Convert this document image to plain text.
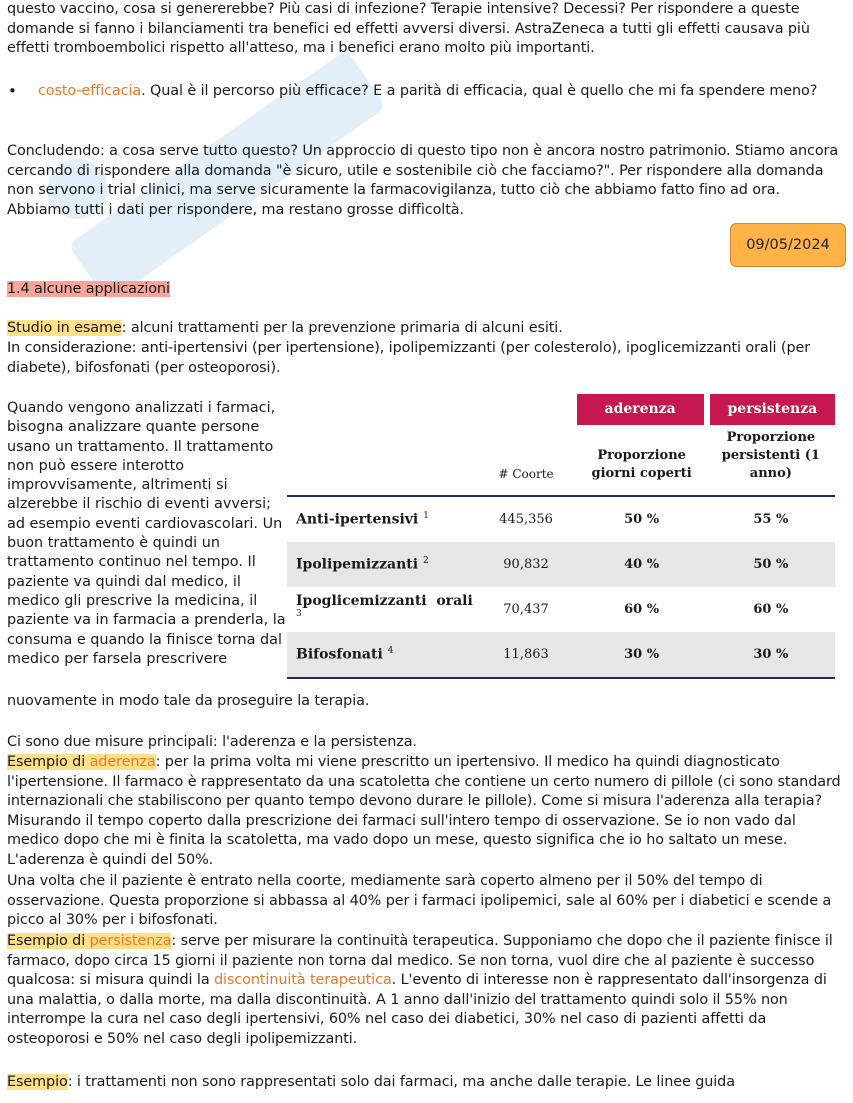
questo vaccino, cosa si genererebbe? Più casi di infezione? Terapie intensive? Decessi? Per rispondere a queste domande si fanno i bilanciamenti tra benefici ed effetti avversi diversi. AstraZeneca a tutti gli effetti causava più effetti tromboembolici rispetto all'atteso, ma i benefici erano molto più importanti.

• costo-efficacia. Qual è il percorso più efficace? E a parità di efficacia, qual è quello che mi fa spendere meno?

Concludendo: a cosa serve tutto questo? Un approccio di questo tipo non è ancora nostro patrimonio. Stiamo ancora cercando di rispondere alla domanda "è sicuro, utile e sostenibile ciò che facciamo?". Per rispondere alla domanda non servono i trial clinici, ma serve sicuramente la farmacovigilanza, tutto ciò che abbiamo fatto fino ad ora. Abbiamo tutti i dati per rispondere, ma restano grosse difficoltà.

09/05/2024

1.4 alcune applicazioni

Studio in esame: alcuni trattamenti per la prevenzione primaria di alcuni esiti.

In considerazione: anti-ipertensivi (per ipertensione), ipolipemizzanti (per colesterolo), ipoglicemizzanti orali (per diabete), bifosfonati (per osteoporosi).

Quando vengono analizzati i farmaci, bisogna analizzare quante persone usano un trattamento. Il trattamento non può essere interotto improvvisamente, altrimenti si alzerebbe il rischio di eventi avversi; ad esempio eventi cardiovascolari. Un buon trattamento è quindi un trattamento continuo nel tempo. Il paziente va quindi dal medico, il medico gli prescrive la medicina, il paziente va in farmacia a prenderla, la consuma e quando la finisce torna dal medico per farsela prescrivere

		aderenza	persistenza

	# Coorte	Proporzione giorni coperti	Proporzione persistenti (1 anno)
Anti-ipertensivi $^1$	445,356	50 %	55 %
Ipolipemizzanti $^2$	90,832	40 %	50 %
Ipoglicemizzanti  orali $^3$	70,437	60 %	60 %
Bifosfonati $^4$	11,863	30 %	30 %

nuovamente in modo tale da proseguire la terapia.

Ci sono due misure principali: l'aderenza e la persistenza.

Esempio di aderenza: per la prima volta mi viene prescritto un ipertensivo. Il medico ha quindi diagnosticato l'ipertensione. Il farmaco è rappresentato da una scatoletta che contiene un certo numero di pillole (ci sono standard internazionali che stabiliscono per quanto tempo devono durare le pillole). Come si misura l'aderenza alla terapia? Misurando il tempo coperto dalla prescrizione dei farmaci sull'intero tempo di osservazione. Se io non vado dal medico dopo che mi è finita la scatoletta, ma vado dopo un mese, questo significa che io ho saltato un mese. L'aderenza è quindi del 50%.

Una volta che il paziente è entrato nella coorte, mediamente sarà coperto almeno per il 50% del tempo di osservazione. Questa proporzione si abbassa al 40% per i farmaci ipolipemici, sale al 60% per i diabetici e scende a picco al 30% per i bifosfonati.

Esempio di persistenza: serve per misurare la continuità terapeutica. Supponiamo che dopo che il paziente finisce il farmaco, dopo circa 15 giorni il paziente non torna dal medico. Se non torna, vuol dire che al paziente è successo qualcosa: si misura quindi la discontinuità terapeutica. L'evento di interesse non è rappresentato dall'insorgenza di una malattia, o dalla morte, ma dalla discontinuità. A 1 anno dall'inizio del trattamento quindi solo il 55% non interrompe la cura nel caso degli ipertensivi, 60% nel caso dei diabetici, 30% nel caso di pazienti affetti da osteoporosi e 50% nel caso degli ipolipemizzanti.

Esempio: i trattamenti non sono rappresentati solo dai farmaci, ma anche dalle terapie. Le linee guida
